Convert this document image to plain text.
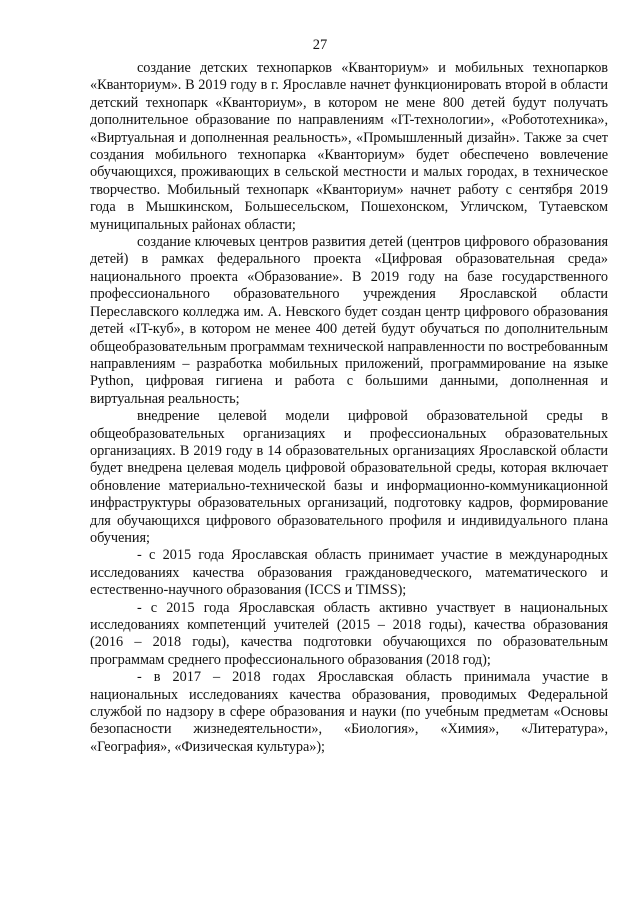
27

создание детских технопарков «Кванториум» и мобильных технопарков «Кванториум». В 2019 году в г. Ярославле начнет функционировать второй в области детский технопарк «Кванториум», в котором не мене 800 детей будут получать дополнительное образование по направлениям «IT-технологии», «Робототехника», «Виртуальная и дополненная реальность», «Промышленный дизайн». Также за счет создания мобильного технопарка «Кванториум» будет обеспечено вовлечение обучающихся, проживающих в сельской местности и малых городах, в техническое творчество. Мобильный технопарк «Кванториум» начнет работу с сентября 2019 года в Мышкинском, Большесельском, Пошехонском, Угличском, Тутаевском муниципальных районах области;

создание ключевых центров развития детей (центров цифрового образования детей) в рамках федерального проекта «Цифровая образовательная среда» национального проекта «Образование». В 2019 году на базе государственного профессионального образовательного учреждения Ярославской области Переславского колледжа им. А. Невского будет создан центр цифрового образования детей «IT-куб», в котором не менее 400 детей будут обучаться по дополнительным общеобразовательным программам технической направленности по востребованным направлениям – разработка мобильных приложений, программирование на языке Python, цифровая гигиена и работа с большими данными, дополненная и виртуальная реальность;

внедрение целевой модели цифровой образовательной среды в общеобразовательных организациях и профессиональных образовательных организациях. В 2019 году в 14 образовательных организациях Ярославской области будет внедрена целевая модель цифровой образовательной среды, которая включает обновление материально-технической базы и информационно-коммуникационной инфраструктуры образовательных организаций, подготовку кадров, формирование для обучающихся цифрового образовательного профиля и индивидуального плана обучения;

- с 2015 года Ярославская область принимает участие в международных исследованиях качества образования граждановедческого, математического и естественно-научного образования (ICCS и TIMSS);

- с 2015 года Ярославская область активно участвует в национальных исследованиях компетенций учителей (2015 – 2018 годы), качества образования (2016 – 2018 годы), качества подготовки обучающихся по образовательным программам среднего профессионального образования (2018 год);

- в 2017 – 2018 годах Ярославская область принимала участие в национальных исследованиях качества образования, проводимых Федеральной службой по надзору в сфере образования и науки (по учебным предметам «Основы безопасности жизнедеятельности», «Биология», «Химия», «Литература», «География», «Физическая культура»);
